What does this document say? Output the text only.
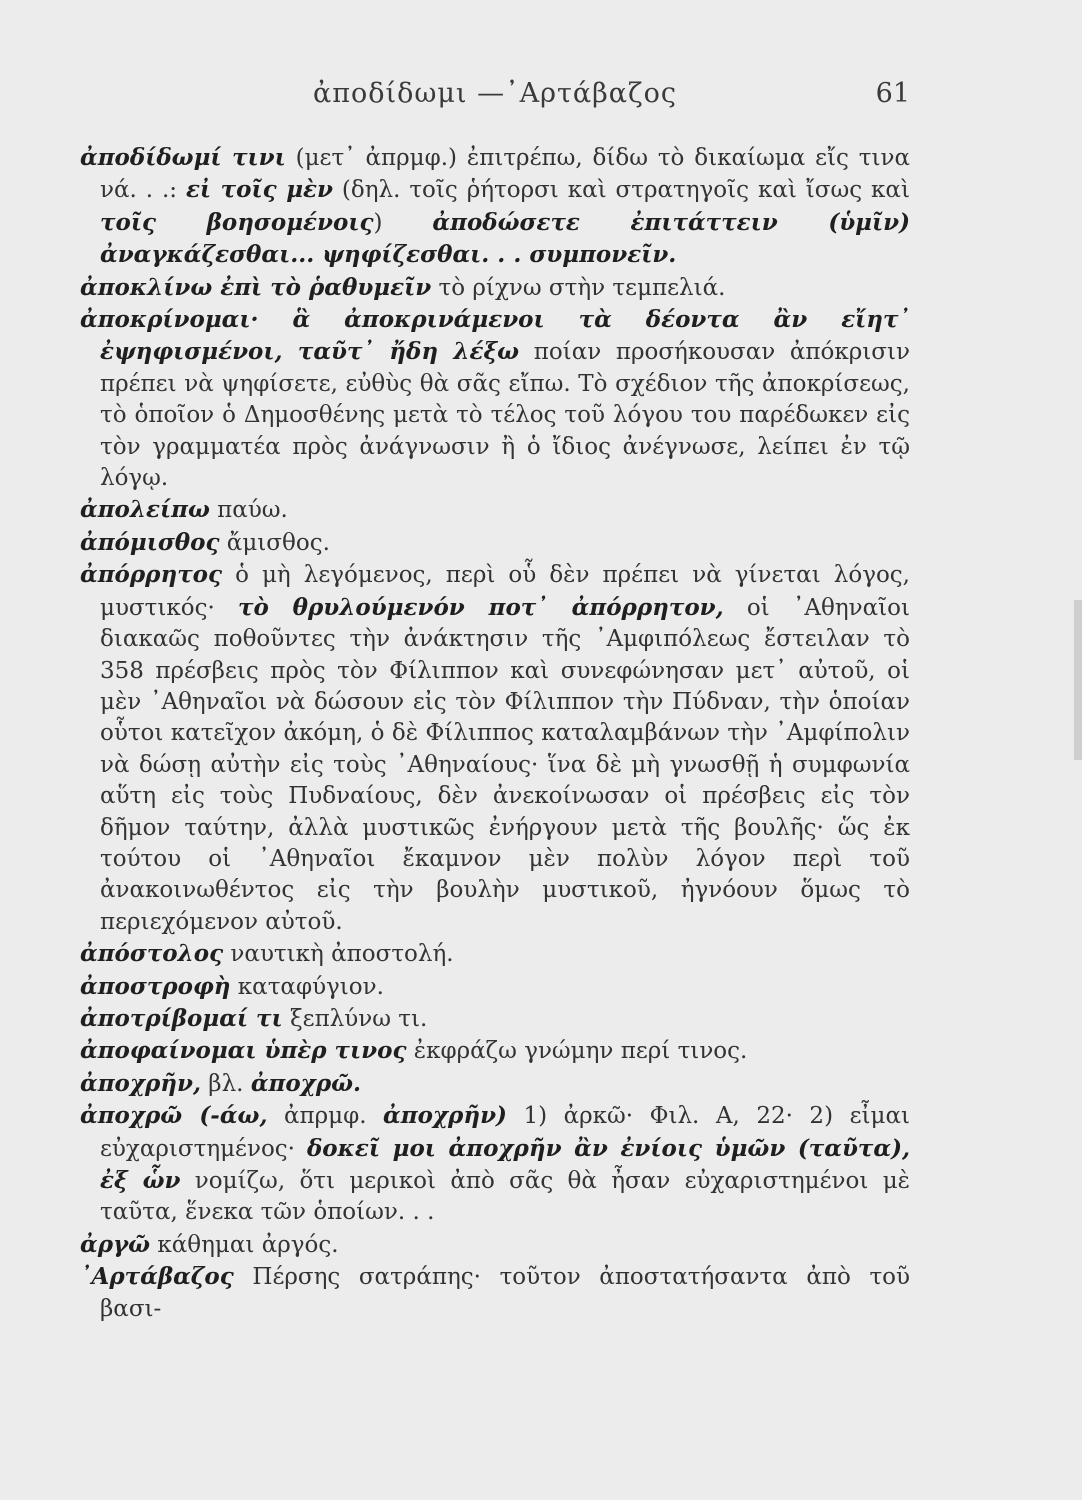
ἀποδίδωμι —᾿Αρτάβαζος	61
ἀποδίδωμί τινι (μετ᾿ ἀπρμφ.) ἐπιτρέπω, δίδω τὸ δικαίωμα εἴς τινα νά. . .: εἰ τοῖς μὲν (δηλ. τοῖς ῥήτορσι καὶ στρατηγοῖς καὶ ἴσως καὶ τοῖς βοησομένοις) ἀποδώσετε ἐπιτάττειν (ὑμῖν) ἀναγκάζεσθαι... ψηφίζεσθαι. . . συμπονεῖν.
ἀποκλίνω ἐπὶ τὸ ῥαθυμεῖν τὸ ρίχνω στὴν τεμπελιά.
ἀποκρίνομαι· ἃ ἀποκρινάμενοι τὰ δέοντα ἂν εἴητ᾿ ἐψηφισμένοι, ταῦτ᾿ ἤδη λέξω ποίαν προσήκουσαν ἀπόκρισιν πρέπει νὰ ψηφίσετε, εὐθὺς θὰ σᾶς εἴπω. Τὸ σχέδιον τῆς ἀποκρίσεως, τὸ ὁποῖον ὁ Δημοσθένης μετὰ τὸ τέλος τοῦ λόγου του παρέδωκεν εἰς τὸν γραμματέα πρὸς ἀνάγνωσιν ἢ ὁ ἴδιος ἀνέγνωσε, λείπει ἐν τῷ λόγῳ.
ἀπολείπω παύω.
ἀπόμισθος ἄμισθος.
ἀπόρρητος ὁ μὴ λεγόμενος, περὶ οὗ δὲν πρέπει νὰ γίνεται λόγος, μυστικός· τὸ θρυλούμενόν ποτ᾿ ἀπόρρητον, οἱ ᾿Αθηναῖοι διακαῶς ποθοῦντες τὴν ἀνάκτησιν τῆς ᾿Αμφιπόλεως ἔστειλαν τὸ 358 πρέσβεις πρὸς τὸν Φίλιππον καὶ συνεφώνησαν μετ᾿ αὐτοῦ, οἱ μὲν ᾿Αθηναῖοι νὰ δώσουν εἰς τὸν Φίλιππον τὴν Πύδναν, τὴν ὁποίαν οὗτοι κατεῖχον ἀκόμη, ὁ δὲ Φίλιππος καταλαμβάνων τὴν ᾿Αμφίπολιν νὰ δώσῃ αὐτὴν εἰς τοὺς ᾿Αθηναίους· ἵνα δὲ μὴ γνωσθῇ ἡ συμφωνία αὕτη εἰς τοὺς Πυδναίους, δὲν ἀνεκοίνωσαν οἱ πρέσβεις εἰς τὸν δῆμον ταύτην, ἀλλὰ μυστικῶς ἐνήργουν μετὰ τῆς βουλῆς· ὥς ἐκ τούτου οἱ ᾿Αθηναῖοι ἔκαμνον μὲν πολὺν λόγον περὶ τοῦ ἀνακοινωθέντος εἰς τὴν βουλὴν μυστικοῦ, ἠγνόουν ὅμως τὸ περιεχόμενον αὐτοῦ.
ἀπόστολος ναυτικὴ ἀποστολή.
ἀποστροφὴ καταφύγιον.
ἀποτρίβομαί τι ξεπλύνω τι.
ἀποφαίνομαι ὑπὲρ τινος ἐκφράζω γνώμην περί τινος.
ἀποχρῆν, βλ. ἀποχρῶ.
ἀποχρῶ (-άω, ἀπρμφ. ἀποχρῆν) 1) ἀρκῶ· Φιλ. Α, 22· 2) εἶμαι εὐχαριστημένος· δοκεῖ μοι ἀποχρῆν ἂν ἐνίοις ὑμῶν (ταῦτα), ἐξ ὧν νομίζω, ὅτι μερικοὶ ἀπὸ σᾶς θὰ ἦσαν εὐχαριστημένοι μὲ ταῦτα, ἕνεκα τῶν ὁποίων. . .
ἀργῶ κάθημαι ἀργός.
᾿Αρτάβαζος Πέρσης σατράπης· τοῦτον ἀποστατήσαντα ἀπὸ τοῦ βασι-
